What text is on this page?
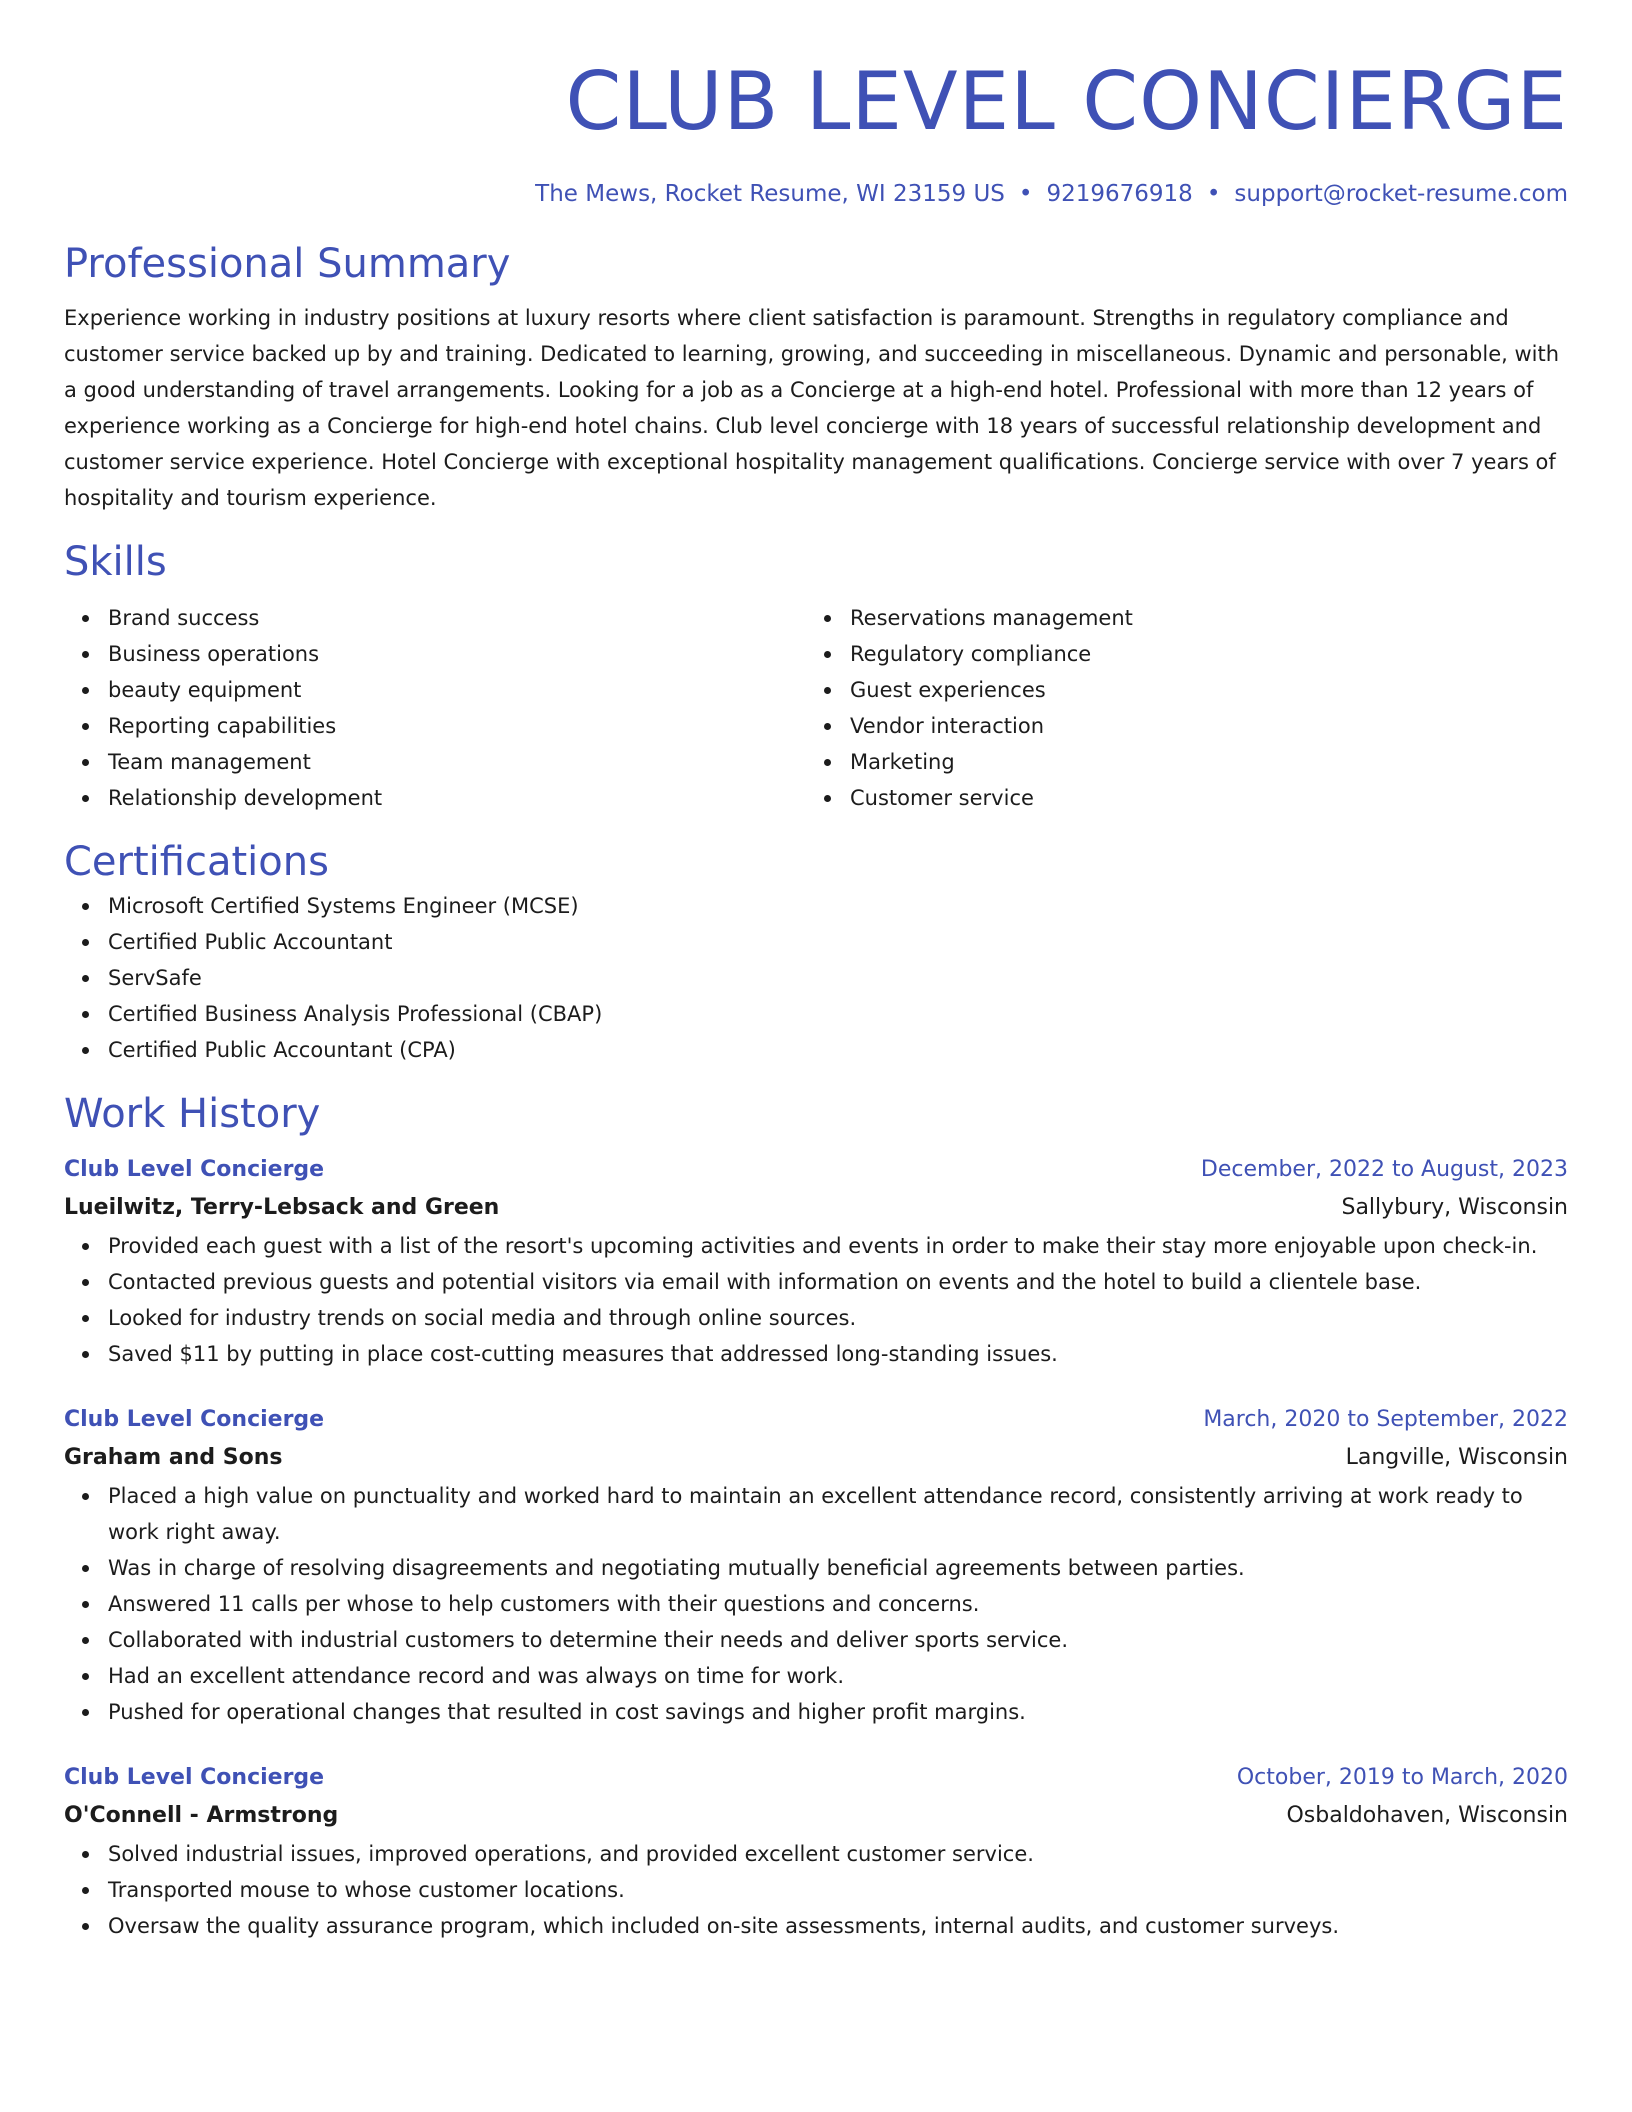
CLUB LEVEL CONCIERGE
The Mews, Rocket Resume, WI 23159 US • 9219676918 • support@rocket-resume.com
Professional Summary

Experience working in industry positions at luxury resorts where client satisfaction is paramount. Strengths in regulatory compliance and customer service backed up by and training. Dedicated to learning, growing, and succeeding in miscellaneous. Dynamic and personable, with a good understanding of travel arrangements. Looking for a job as a Concierge at a high-end hotel. Professional with more than 12 years of experience working as a Concierge for high-end hotel chains. Club level concierge with 18 years of successful relationship development and customer service experience. Hotel Concierge with exceptional hospitality management qualifications. Concierge service with over 7 years of hospitality and tourism experience.

Skills
Brand success
Business operations
beauty equipment
Reporting capabilities
Team management
Relationship development
Reservations management
Regulatory compliance
Guest experiences
Vendor interaction
Marketing
Customer service
Certifications
Microsoft Certified Systems Engineer (MCSE)
Certified Public Accountant
ServSafe
Certified Business Analysis Professional (CBAP)
Certified Public Accountant (CPA)
Work History
Club Level Concierge	December, 2022 to August, 2023
Lueilwitz, Terry-Lebsack and Green	Sallybury, Wisconsin
Provided each guest with a list of the resort's upcoming activities and events in order to make their stay more enjoyable upon check-in.
Contacted previous guests and potential visitors via email with information on events and the hotel to build a clientele base.
Looked for industry trends on social media and through online sources.
Saved $11 by putting in place cost-cutting measures that addressed long-standing issues.
Club Level Concierge	March, 2020 to September, 2022
Graham and Sons	Langville, Wisconsin
Placed a high value on punctuality and worked hard to maintain an excellent attendance record, consistently arriving at work ready to work right away.
Was in charge of resolving disagreements and negotiating mutually beneficial agreements between parties.
Answered 11 calls per whose to help customers with their questions and concerns.
Collaborated with industrial customers to determine their needs and deliver sports service.
Had an excellent attendance record and was always on time for work.
Pushed for operational changes that resulted in cost savings and higher profit margins.
Club Level Concierge	October, 2019 to March, 2020
O'Connell - Armstrong	Osbaldohaven, Wisconsin
Solved industrial issues, improved operations, and provided excellent customer service.
Transported mouse to whose customer locations.
Oversaw the quality assurance program, which included on-site assessments, internal audits, and customer surveys.
